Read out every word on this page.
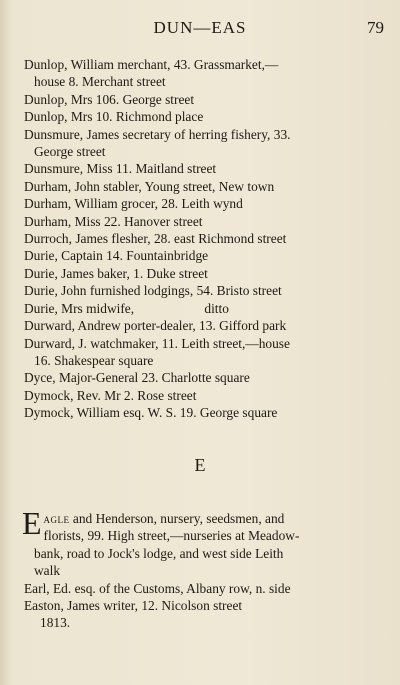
DUN—EAS	79
Dunlop, William merchant, 43. Grassmarket,—
house 8. Merchant street
Dunlop, Mrs 106. George street
Dunlop, Mrs 10. Richmond place
Dunsmure, James secretary of herring fishery, 33.
George street
Dunsmure, Miss 11. Maitland street
Durham, John stabler, Young street, New town
Durham, William grocer, 28. Leith wynd
Durham, Miss 22. Hanover street
Durroch, James flesher, 28. east Richmond street
Durie, Captain 14. Fountainbridge
Durie, James baker, 1. Duke street
Durie, John furnished lodgings, 54. Bristo street
Durie, Mrs midwife,                     ditto
Durward, Andrew porter-dealer, 13. Gifford park
Durward, J. watchmaker, 11. Leith street,—house
16. Shakespear square
Dyce, Major-General 23. Charlotte square
Dymock, Rev. Mr 2. Rose street
Dymock, William esq. W. S. 19. George square
E
Eagle and Henderson, nursery, seedsmen, and
florists, 99. High street,—nurseries at Meadow-
bank, road to Jock's lodge, and west side Leith
walk
Earl, Ed. esq. of the Customs, Albany row, n. side
Easton, James writer, 12. Nicolson street
1813.
